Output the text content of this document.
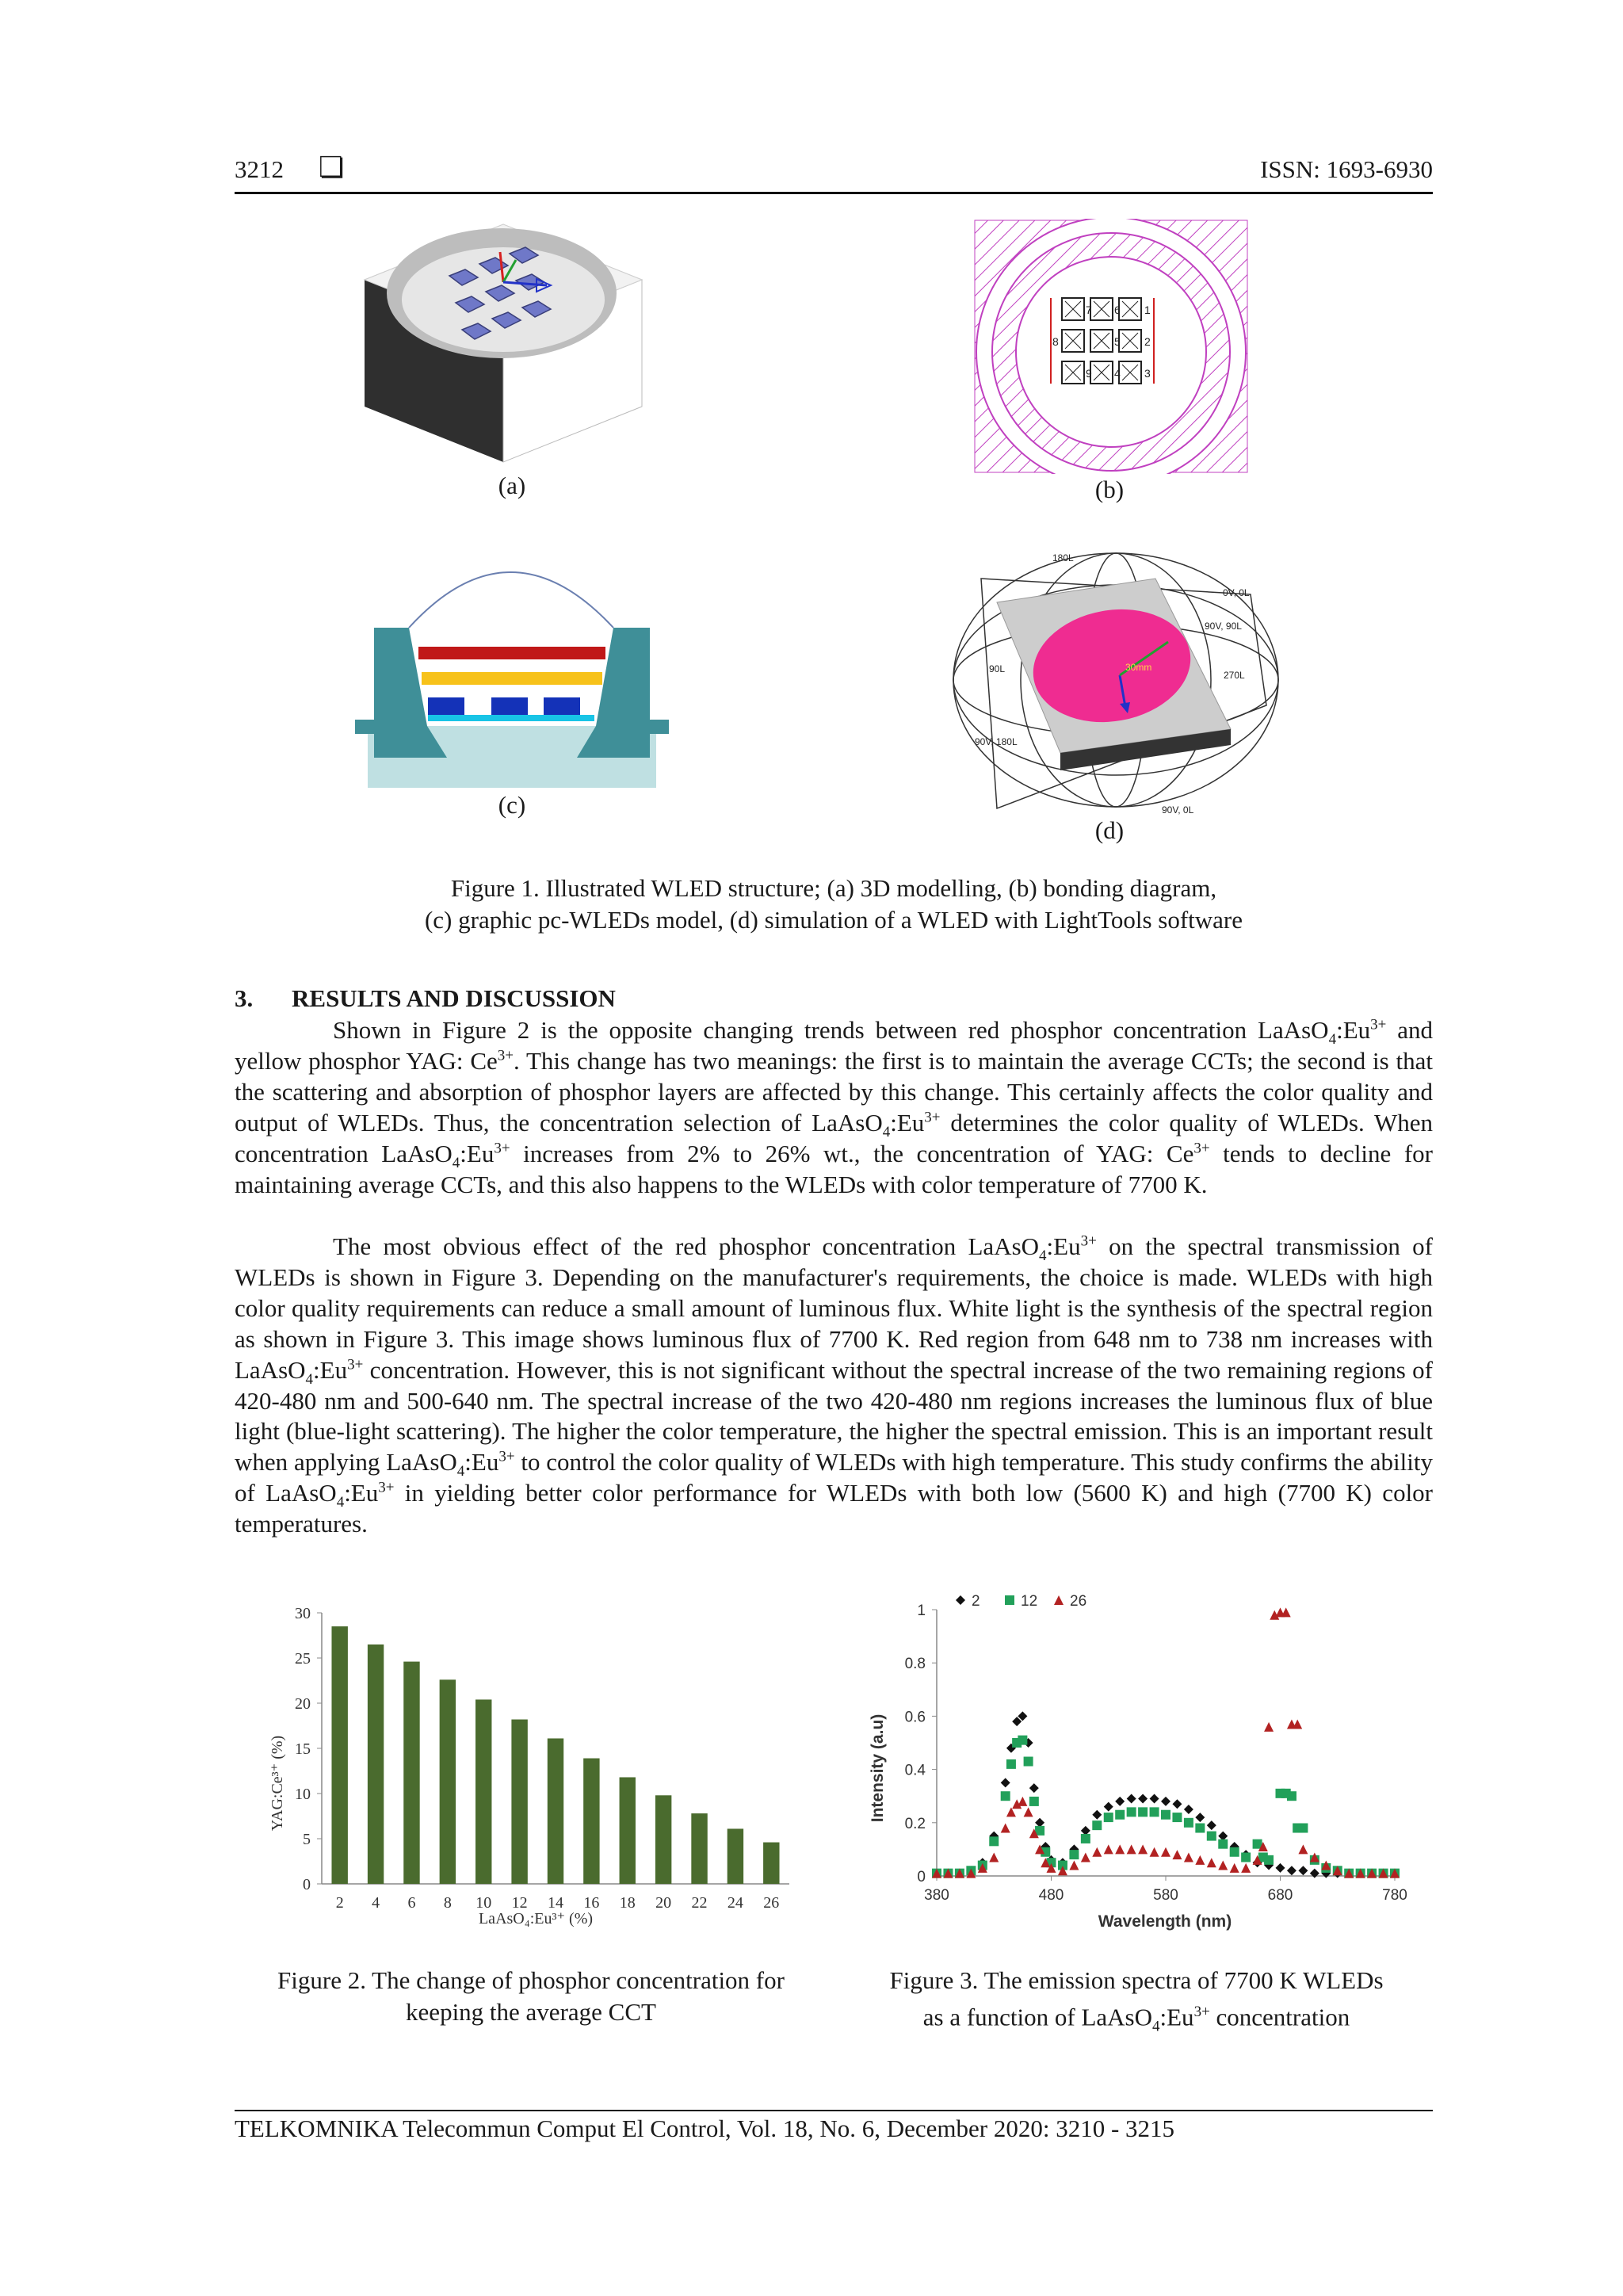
3212 ❏	ISSN: 1693-6930
(a)
7 6 1
8	5 2
9 4 3
(b)
(c)
180L
0V, 0L
90V, 90L
270L
90V, 180L
90V, 0L
90L	30mm
(d)
Figure 1. Illustrated WLED structure; (a) 3D modelling, (b) bonding diagram,
(c) graphic pc-WLEDs model, (d) simulation of a WLED with LightTools software
3. RESULTS AND DISCUSSION

Shown in Figure 2 is the opposite changing trends between red phosphor concentration $LaAsO_4:Eu^{3+}$ and yellow phosphor YAG: $Ce^{3+}$. This change has two meanings: the first is to maintain the average CCTs; the second is that the scattering and absorption of phosphor layers are affected by this change. This certainly affects the color quality and output of WLEDs. Thus, the concentration selection of $LaAsO_4:Eu^{3+}$ determines the color quality of WLEDs. When concentration $LaAsO_4:Eu^{3+}$ increases from 2% to 26% wt., the concentration of YAG: $Ce^{3+}$ tends to decline for maintaining average CCTs, and this also happens to the WLEDs with color temperature of 7700 K.

The most obvious effect of the red phosphor concentration $LaAsO_4:Eu^{3+}$ on the spectral transmission of WLEDs is shown in Figure 3. Depending on the manufacturer's requirements, the choice is made. WLEDs with high color quality requirements can reduce a small amount of luminous flux. White light is the synthesis of the spectral region as shown in Figure 3. This image shows luminous flux of 7700 K. Red region from 648 nm to 738 nm increases with $LaAsO_4:Eu^{3+}$ concentration. However, this is not significant without the spectral increase of the two remaining regions of 420-480 nm and 500-640 nm. The spectral increase of the two 420-480 nm regions increases the luminous flux of blue light (blue-light scattering). The higher the color temperature, the higher the spectral emission. This is an important result when applying $LaAsO_4:Eu^{3+}$ to control the color quality of WLEDs with high temperature. This study confirms the ability of $LaAsO_4:Eu^{3+}$ in yielding better color performance for WLEDs with both low (5600 K) and high (7700 K) color temperatures.

0
5
10
15
20
25
30
2 4 6 8 10 12 14 16 18 20 22 24 26
LaAsO₄:Eu³⁺ (%)
YAG:Ce³⁺ (%)
0
0.2
0.4
0.6
0.8
1
380	480	580	680	780
2	12 26
Wavelength (nm)
Intensity (a.u)
Figure 2. The change of phosphor concentration for
keeping the average CCT
Figure 3. The emission spectra of 7700 K WLEDs
as a function of $LaAsO_4:Eu^{3+}$ concentration
TELKOMNIKA Telecommun Comput El Control, Vol. 18, No. 6, December 2020: 3210 - 3215
